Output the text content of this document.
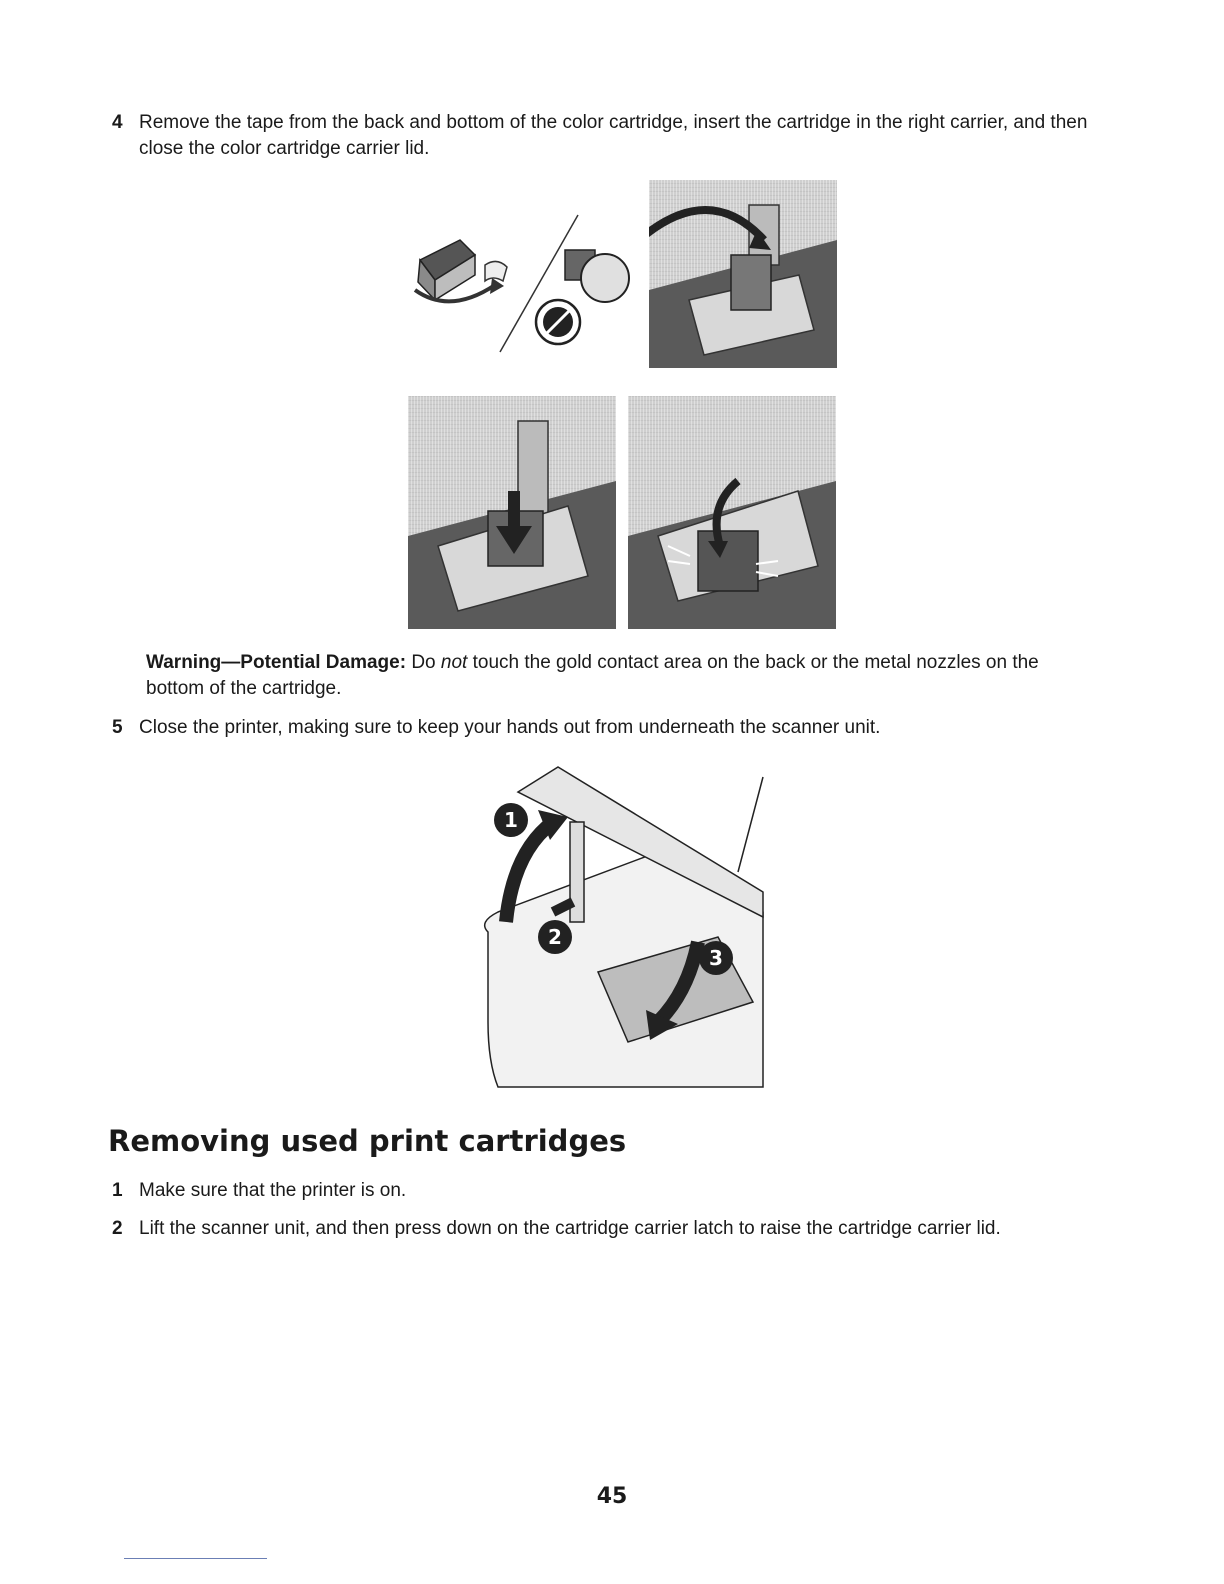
4 Remove the tape from the back and bottom of the color cartridge, insert the cartridge in the right carrier, and then close the color cartridge carrier lid.
Warning—Potential Damage: Do not touch the gold contact area on the back or the metal nozzles on the bottom of the cartridge.
5 Close the printer, making sure to keep your hands out from underneath the scanner unit.
1
2
3
Removing used print cartridges
1 Make sure that the printer is on.
2 Lift the scanner unit, and then press down on the cartridge carrier latch to raise the cartridge carrier lid.
45
